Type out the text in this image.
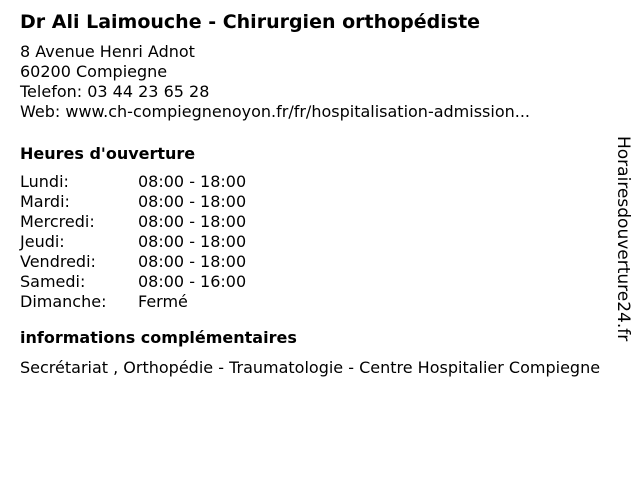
Dr Ali Laimouche - Chirurgien orthopédiste
8 Avenue Henri Adnot
60200 Compiegne
Telefon: 03 44 23 65 28
Web: www.ch-compiegnenoyon.fr/fr/hospitalisation-admission...
Heures d'ouverture
Lundi:	08:00 - 18:00
Mardi:	08:00 - 18:00
Mercredi:	08:00 - 18:00
Jeudi:	08:00 - 18:00
Vendredi:	08:00 - 18:00
Samedi:	08:00 - 16:00
Dimanche:	Fermé
informations complémentaires
Secrétariat , Orthopédie - Traumatologie - Centre Hospitalier Compiegne
Horairesdouverture24.fr
